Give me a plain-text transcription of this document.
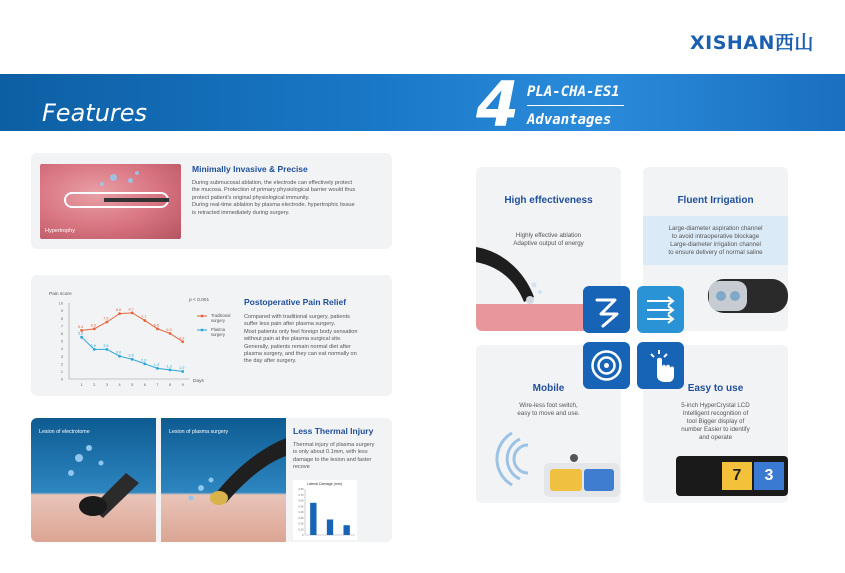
XISHAN西山
Features	4 PLA-CHA-ES1
Advantages
Hypertrophy
Minimally Invasive & Precise
During submucosal ablation, the electrode can effectively protect
the mucosa. Protection of primary physiological barrier would thus
protect patient's original physiological immunity.
During real-time ablation by plasma electrode, hypertrophic tissue
is retracted immediately during surgery.
Pain score
Days
p < 0.001
0
1
2
3
4
5
6
7
8
9
10
1	2	3	4	5	6	7	8	9
6.4 6.6
7.5
8.6 8.7
7.7
6.6
6.0
4.9
Traditional
surgery
5.5
3.9 3.9
3.0
2.6
2.0
1.4 1.2 1.0
Plasma
surgery
Postoperative Pain Relief
Compared with traditional surgery, patients
suffer less pain after plasma surgery.
Most patients only feel foreign body sensation
without pain at the plasma surgical site.
Generally, patients remain normal diet after
plasma surgery, and they can eat normally on
the day after surgery.
Lesion of electrotome	Lesion of plasma surgery	Less Thermal Injury
Thermal injury of plasma surgery
is only about 0.1mm, with less
damage to the lesion and faster
recove
Lateral Damage (mm)
0
0.10
0.20
0.30
0.40
0.50
0.60
0.70
0.80
High effectiveness
Highly effective ablation
Adaptive output of energy
Fluent Irrigation
Large-diameter aspiration channel
to avoid intraoperative blockage
Large-diameter irrigation channel
to ensure delivery of normal saline
Mobile
Wire-less foot switch,
easy to move and use.
Easy to use
5-inch HyperCrystal LCD
Intelligent recognition of
tool Bigger display of
number Easier to identify
and operate
7	3
